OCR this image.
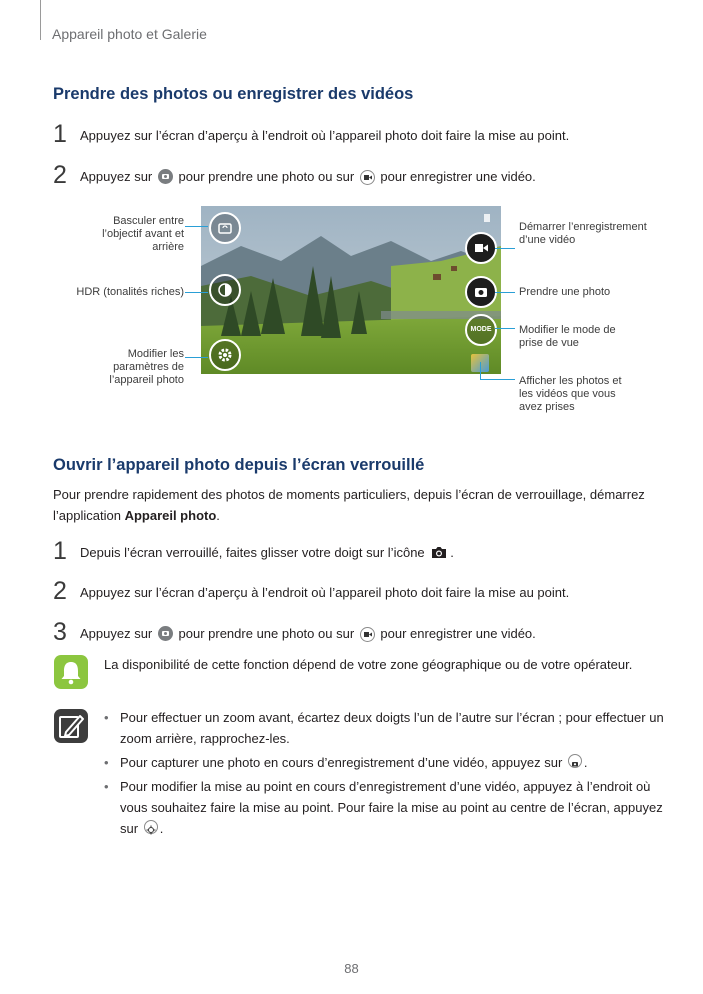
Appareil photo et Galerie
Prendre des photos ou enregistrer des vidéos
1 Appuyez sur l’écran d’aperçu à l’endroit où l’appareil photo doit faire la mise au point.
2 Appuyez sur pour prendre une photo ou sur pour enregistrer une vidéo.
MODE
Basculer entre l’objectif avant et arrière
HDR (tonalités riches)
Modifier les paramètres de l’appareil photo
Démarrer l’enregistrement d’une vidéo
Prendre une photo
Modifier le mode de prise de vue
Afficher les photos et les vidéos que vous avez prises
Ouvrir l’appareil photo depuis l’écran verrouillé
Pour prendre rapidement des photos de moments particuliers, depuis l’écran de verrouillage, démarrez l’application Appareil photo.
1 Depuis l’écran verrouillé, faites glisser votre doigt sur l’icône .
2 Appuyez sur l’écran d’aperçu à l’endroit où l’appareil photo doit faire la mise au point.
3 Appuyez sur pour prendre une photo ou sur pour enregistrer une vidéo.
La disponibilité de cette fonction dépend de votre zone géographique ou de votre opérateur.
• Pour effectuer un zoom avant, écartez deux doigts l’un de l’autre sur l’écran ; pour effectuer un zoom arrière, rapprochez-les.
• Pour capturer une photo en cours d’enregistrement d’une vidéo, appuyez sur .
• Pour modifier la mise au point en cours d’enregistrement d’une vidéo, appuyez à l’endroit où vous souhaitez faire la mise au point. Pour faire la mise au point au centre de l’écran, appuyez sur .
88
